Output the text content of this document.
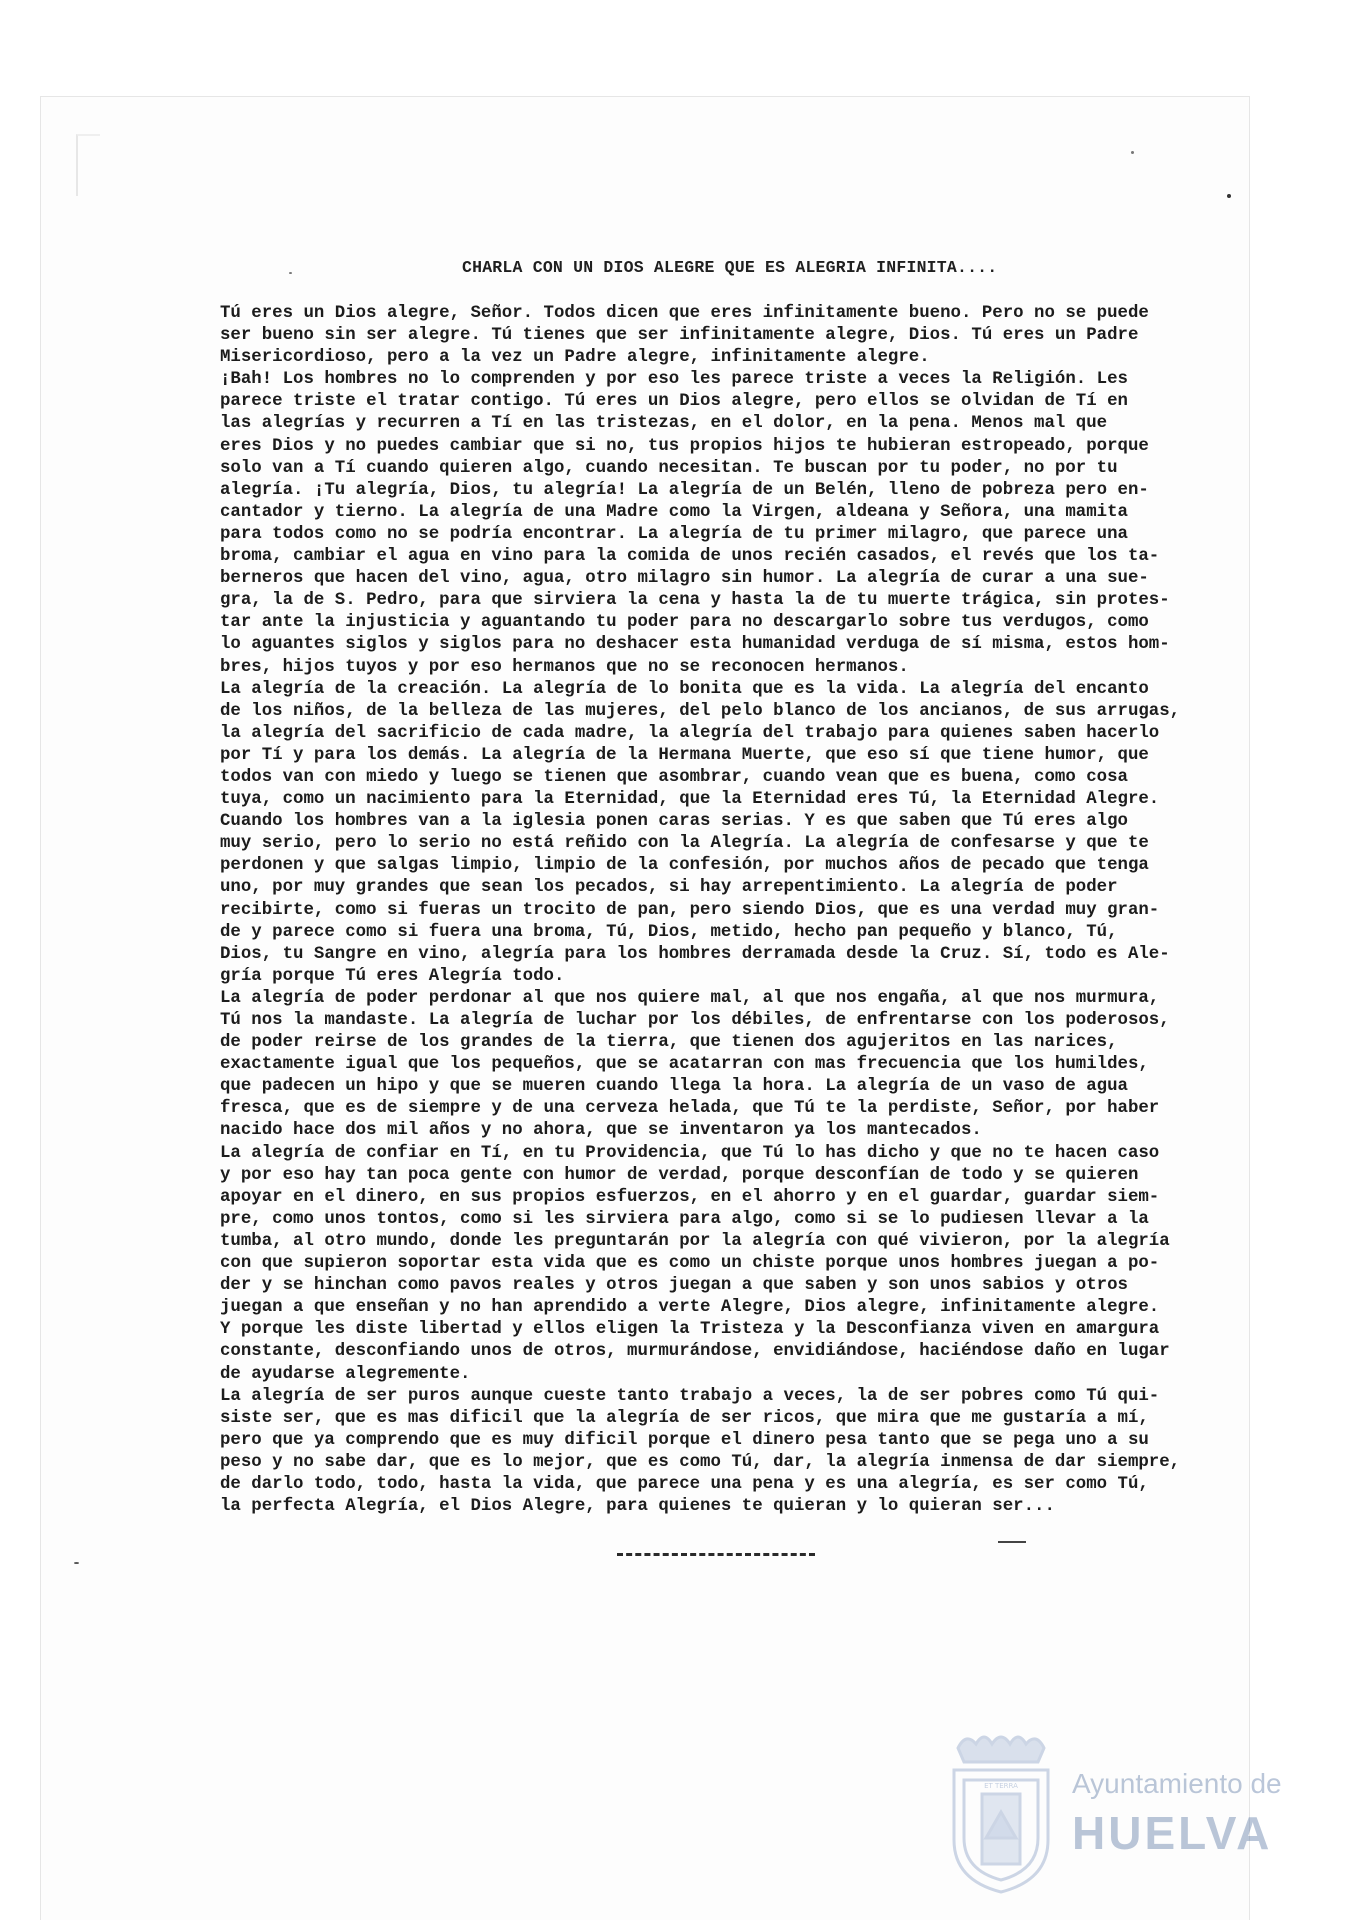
CHARLA CON UN DIOS ALEGRE QUE ES ALEGRIA INFINITA....

Tú eres un Dios alegre, Señor. Todos dicen que eres infinitamente bueno. Pero no se puede
ser bueno sin ser alegre. Tú tienes que ser infinitamente alegre, Dios. Tú eres un Padre
Misericordioso, pero a la vez un Padre alegre, infinitamente alegre.

¡Bah! Los hombres no lo comprenden y por eso les parece triste a veces la Religión. Les
parece triste el tratar contigo. Tú eres un Dios alegre, pero ellos se olvidan de Tí en
las alegrías y recurren a Tí en las tristezas, en el dolor, en la pena. Menos mal que
eres Dios y no puedes cambiar que si no, tus propios hijos te hubieran estropeado, porque
solo van a Tí cuando quieren algo, cuando necesitan. Te buscan por tu poder, no por tu
alegría. ¡Tu alegría, Dios, tu alegría! La alegría de un Belén, lleno de pobreza pero en-
cantador y tierno. La alegría de una Madre como la Virgen, aldeana y Señora, una mamita
para todos como no se podría encontrar. La alegría de tu primer milagro, que parece una
broma, cambiar el agua en vino para la comida de unos recién casados, el revés que los ta-
berneros que hacen del vino, agua, otro milagro sin humor. La alegría de curar a una sue-
gra, la de S. Pedro, para que sirviera la cena y hasta la de tu muerte trágica, sin protes-
tar ante la injusticia y aguantando tu poder para no descargarlo sobre tus verdugos, como
lo aguantes siglos y siglos para no deshacer esta humanidad verduga de sí misma, estos hom-
bres, hijos tuyos y por eso hermanos que no se reconocen hermanos.

La alegría de la creación. La alegría de lo bonita que es la vida. La alegría del encanto
de los niños, de la belleza de las mujeres, del pelo blanco de los ancianos, de sus arrugas,
la alegría del sacrificio de cada madre, la alegría del trabajo para quienes saben hacerlo
por Tí y para los demás. La alegría de la Hermana Muerte, que eso sí que tiene humor, que
todos van con miedo y luego se tienen que asombrar, cuando vean que es buena, como cosa
tuya, como un nacimiento para la Eternidad, que la Eternidad eres Tú, la Eternidad Alegre.
Cuando los hombres van a la iglesia ponen caras serias. Y es que saben que Tú eres algo
muy serio, pero lo serio no está reñido con la Alegría. La alegría de confesarse y que te
perdonen y que salgas limpio, limpio de la confesión, por muchos años de pecado que tenga
uno, por muy grandes que sean los pecados, si hay arrepentimiento. La alegría de poder
recibirte, como si fueras un trocito de pan, pero siendo Dios, que es una verdad muy gran-
de y parece como si fuera una broma, Tú, Dios, metido, hecho pan pequeño y blanco, Tú,
Dios, tu Sangre en vino, alegría para los hombres derramada desde la Cruz. Sí, todo es Ale-
gría porque Tú eres Alegría todo.

La alegría de poder perdonar al que nos quiere mal, al que nos engaña, al que nos murmura,
Tú nos la mandaste. La alegría de luchar por los débiles, de enfrentarse con los poderosos,
de poder reirse de los grandes de la tierra, que tienen dos agujeritos en las narices,
exactamente igual que los pequeños, que se acatarran con mas frecuencia que los humildes,
que padecen un hipo y que se mueren cuando llega la hora. La alegría de un vaso de agua
fresca, que es de siempre y de una cerveza helada, que Tú te la perdiste, Señor, por haber
nacido hace dos mil años y no ahora, que se inventaron ya los mantecados.

La alegría de confiar en Tí, en tu Providencia, que Tú lo has dicho y que no te hacen caso
y por eso hay tan poca gente con humor de verdad, porque desconfían de todo y se quieren
apoyar en el dinero, en sus propios esfuerzos, en el ahorro y en el guardar, guardar siem-
pre, como unos tontos, como si les sirviera para algo, como si se lo pudiesen llevar a la
tumba, al otro mundo, donde les preguntarán por la alegría con qué vivieron, por la alegría
con que supieron soportar esta vida que es como un chiste porque unos hombres juegan a po-
der y se hinchan como pavos reales y otros juegan a que saben y son unos sabios y otros
juegan a que enseñan y no han aprendido a verte Alegre, Dios alegre, infinitamente alegre.
Y porque les diste libertad y ellos eligen la Tristeza y la Desconfianza viven en amargura
constante, desconfiando unos de otros, murmurándose, envidiándose, haciéndose daño en lugar
de ayudarse alegremente.

La alegría de ser puros aunque cueste tanto trabajo a veces, la de ser pobres como Tú qui-
siste ser, que es mas dificil que la alegría de ser ricos, que mira que me gustaría a mí,
pero que ya comprendo que es muy dificil porque el dinero pesa tanto que se pega uno a su
peso y no sabe dar, que es lo mejor, que es como Tú, dar, la alegría inmensa de dar siempre,
de darlo todo, todo, hasta la vida, que parece una pena y es una alegría, es ser como Tú,
la perfecta Alegría, el Dios Alegre, para quienes te quieran y lo quieran ser...

ET TERRA Ayuntamiento de
HUELVA
